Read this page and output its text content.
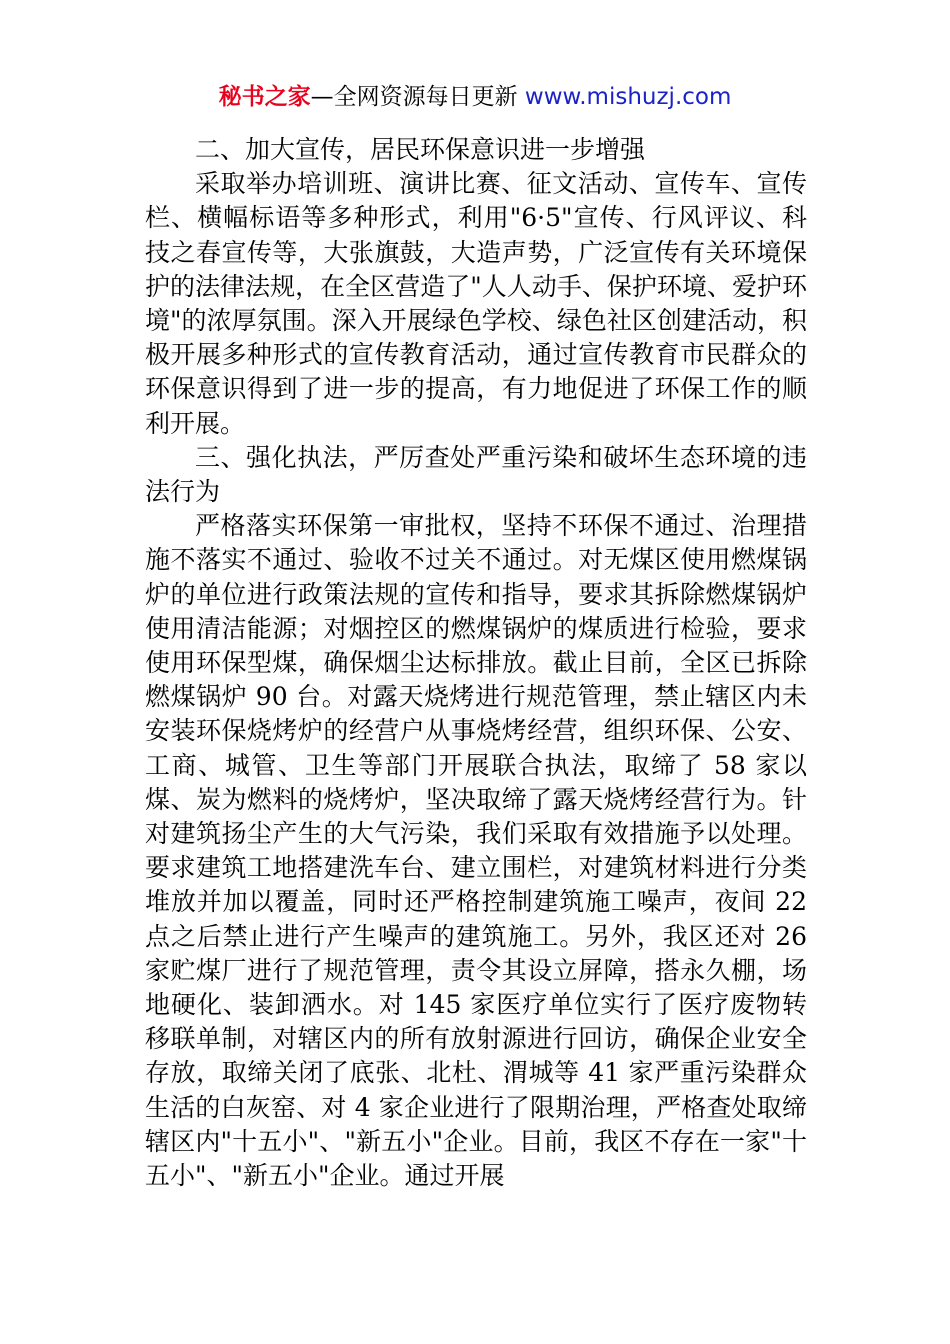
秘书之家—全网资源每日更新 www.mishuzj.com

二、加大宣传，居民环保意识进一步增强

采取举办培训班、演讲比赛、征文活动、宣传车、宣传栏、横幅标语等多种形式，利用"6·5"宣传、行风评议、科技之春宣传等，大张旗鼓，大造声势，广泛宣传有关环境保护的法律法规，在全区营造了"人人动手、保护环境、爱护环境"的浓厚氛围。深入开展绿色学校、绿色社区创建活动，积极开展多种形式的宣传教育活动，通过宣传教育市民群众的环保意识得到了进一步的提高，有力地促进了环保工作的顺利开展。

三、强化执法，严厉查处严重污染和破坏生态环境的违法行为

严格落实环保第一审批权，坚持不环保不通过、治理措施不落实不通过、验收不过关不通过。对无煤区使用燃煤锅炉的单位进行政策法规的宣传和指导，要求其拆除燃煤锅炉使用清洁能源；对烟控区的燃煤锅炉的煤质进行检验，要求使用环保型煤，确保烟尘达标排放。截止目前，全区已拆除燃煤锅炉 90 台。对露天烧烤进行规范管理，禁止辖区内未安装环保烧烤炉的经营户从事烧烤经营，组织环保、公安、工商、城管、卫生等部门开展联合执法，取缔了 58 家以煤、炭为燃料的烧烤炉，坚决取缔了露天烧烤经营行为。针对建筑扬尘产生的大气污染，我们采取有效措施予以处理。要求建筑工地搭建洗车台、建立围栏，对建筑材料进行分类堆放并加以覆盖，同时还严格控制建筑施工噪声，夜间 22 点之后禁止进行产生噪声的建筑施工。另外，我区还对 26 家贮煤厂进行了规范管理，责令其设立屏障，搭永久棚，场地硬化、装卸洒水。对 145 家医疗单位实行了医疗废物转移联单制，对辖区内的所有放射源进行回访，确保企业安全存放，取缔关闭了底张、北杜、渭城等 41 家严重污染群众生活的白灰窑、对 4 家企业进行了限期治理，严格查处取缔辖区内"十五小"、"新五小"企业。目前，我区不存在一家"十五小"、"新五小"企业。通过开展
